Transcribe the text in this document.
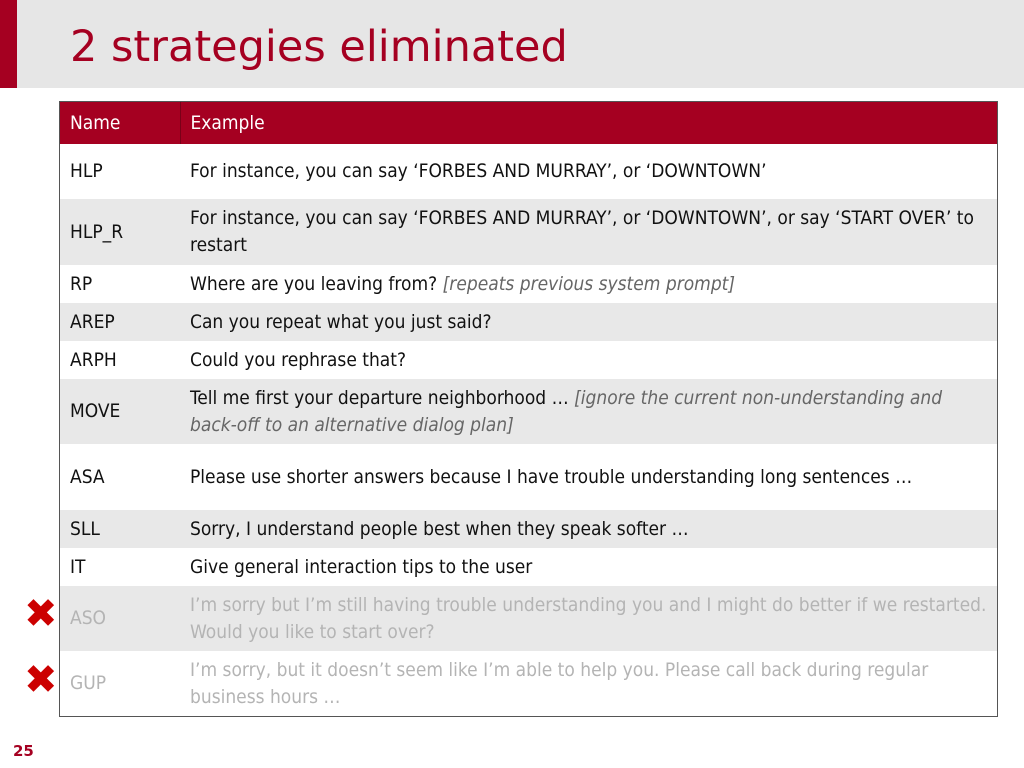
2 strategies eliminated
Name	Example
HLP	For instance, you can say ‘FORBES AND MURRAY’, or ‘DOWNTOWN’
HLP_R	For instance, you can say ‘FORBES AND MURRAY’, or ‘DOWNTOWN’, or say ‘START OVER’ to restart
RP	Where are you leaving from? [repeats previous system prompt]
AREP	Can you repeat what you just said?
ARPH	Could you rephrase that?
MOVE	Tell me first your departure neighborhood … [ignore the current non-understanding and back-off to an alternative dialog plan]
ASA	Please use shorter answers because I have trouble understanding long sentences …
SLL	Sorry, I understand people best when they speak softer …
IT	Give general interaction tips to the user
ASO	I’m sorry but I’m still having trouble understanding you and I might do better if we restarted. Would you like to start over?
GUP	I’m sorry, but it doesn’t seem like I’m able to help you. Please call back during regular business hours …
✖
✖
25
